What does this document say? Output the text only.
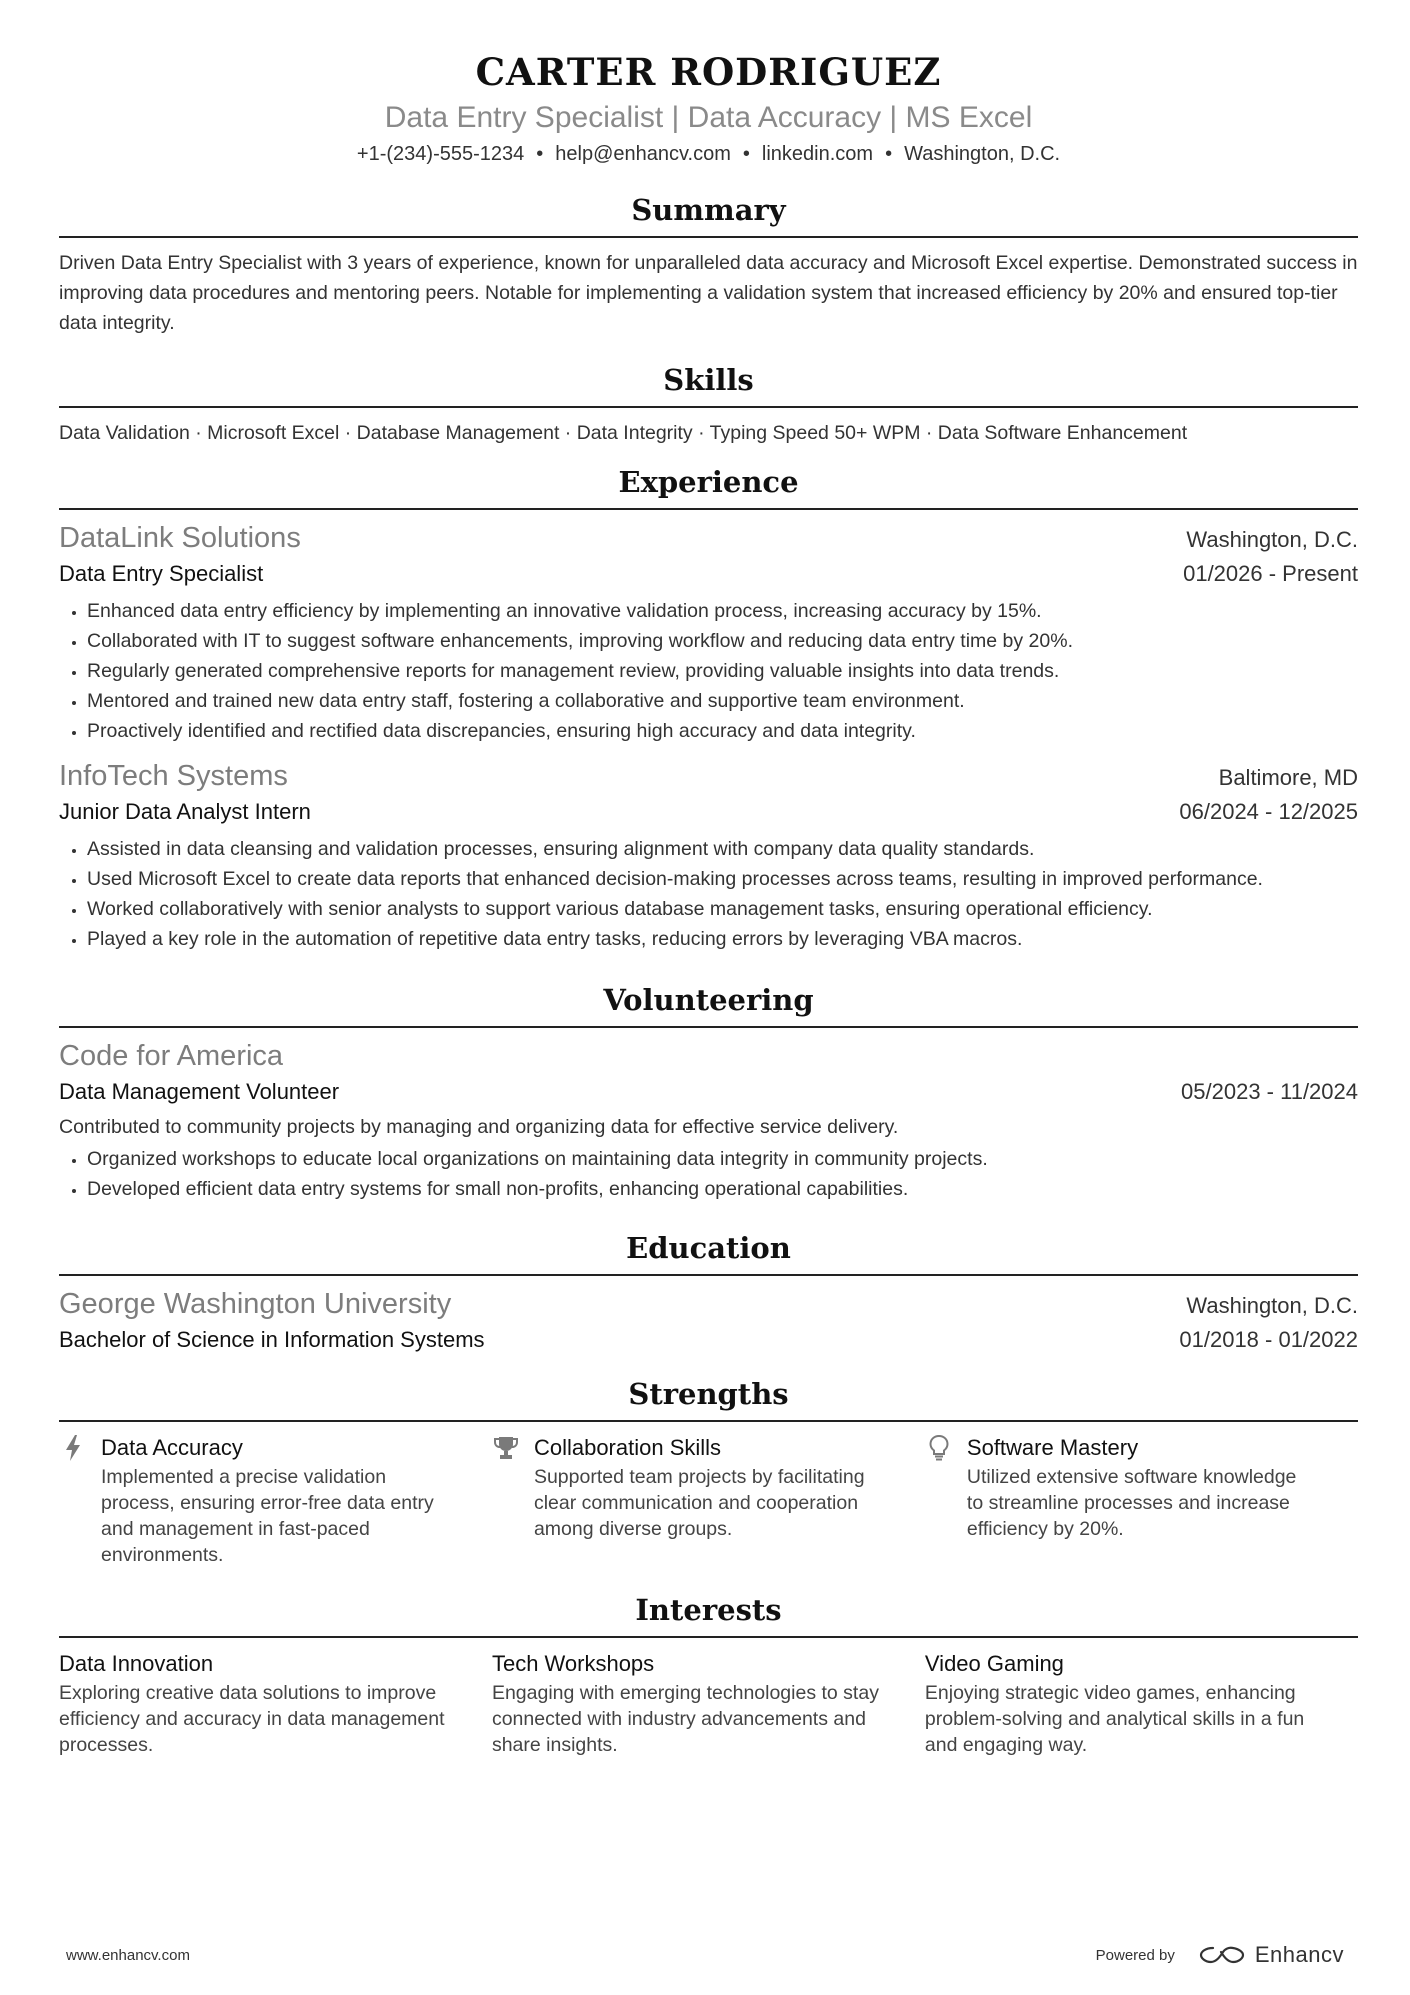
CARTER RODRIGUEZ
Data Entry Specialist | Data Accuracy | MS Excel
+1-(234)-555-1234 • help@enhancv.com • linkedin.com • Washington, D.C.
Summary
Driven Data Entry Specialist with 3 years of experience, known for unparalleled data accuracy and Microsoft Excel expertise. Demonstrated success in improving data procedures and mentoring peers. Notable for implementing a validation system that increased efficiency by 20% and ensured top-tier data integrity.
Skills
Data Validation · Microsoft Excel · Database Management · Data Integrity · Typing Speed 50+ WPM · Data Software Enhancement
Experience
DataLink Solutions	Washington, D.C.
Data Entry Specialist	01/2026 - Present
• Enhanced data entry efficiency by implementing an innovative validation process, increasing accuracy by 15%.
• Collaborated with IT to suggest software enhancements, improving workflow and reducing data entry time by 20%.
• Regularly generated comprehensive reports for management review, providing valuable insights into data trends.
• Mentored and trained new data entry staff, fostering a collaborative and supportive team environment.
• Proactively identified and rectified data discrepancies, ensuring high accuracy and data integrity.
InfoTech Systems	Baltimore, MD
Junior Data Analyst Intern	06/2024 - 12/2025
• Assisted in data cleansing and validation processes, ensuring alignment with company data quality standards.
• Used Microsoft Excel to create data reports that enhanced decision-making processes across teams, resulting in improved performance.
• Worked collaboratively with senior analysts to support various database management tasks, ensuring operational efficiency.
• Played a key role in the automation of repetitive data entry tasks, reducing errors by leveraging VBA macros.
Volunteering
Code for America
Data Management Volunteer	05/2023 - 11/2024
Contributed to community projects by managing and organizing data for effective service delivery.
• Organized workshops to educate local organizations on maintaining data integrity in community projects.
• Developed efficient data entry systems for small non-profits, enhancing operational capabilities.
Education
George Washington University	Washington, D.C.
Bachelor of Science in Information Systems	01/2018 - 01/2022
Strengths
Data Accuracy
Implemented a precise validation process, ensuring error-free data entry and management in fast-paced environments.
Collaboration Skills
Supported team projects by facilitating clear communication and cooperation among diverse groups.
Software Mastery
Utilized extensive software knowledge to streamline processes and increase efficiency by 20%.
Interests
Data Innovation
Exploring creative data solutions to improve efficiency and accuracy in data management processes.
Tech Workshops
Engaging with emerging technologies to stay connected with industry advancements and share insights.
Video Gaming
Enjoying strategic video games, enhancing problem-solving and analytical skills in a fun and engaging way.
www.enhancv.com	Powered by	Enhancv
